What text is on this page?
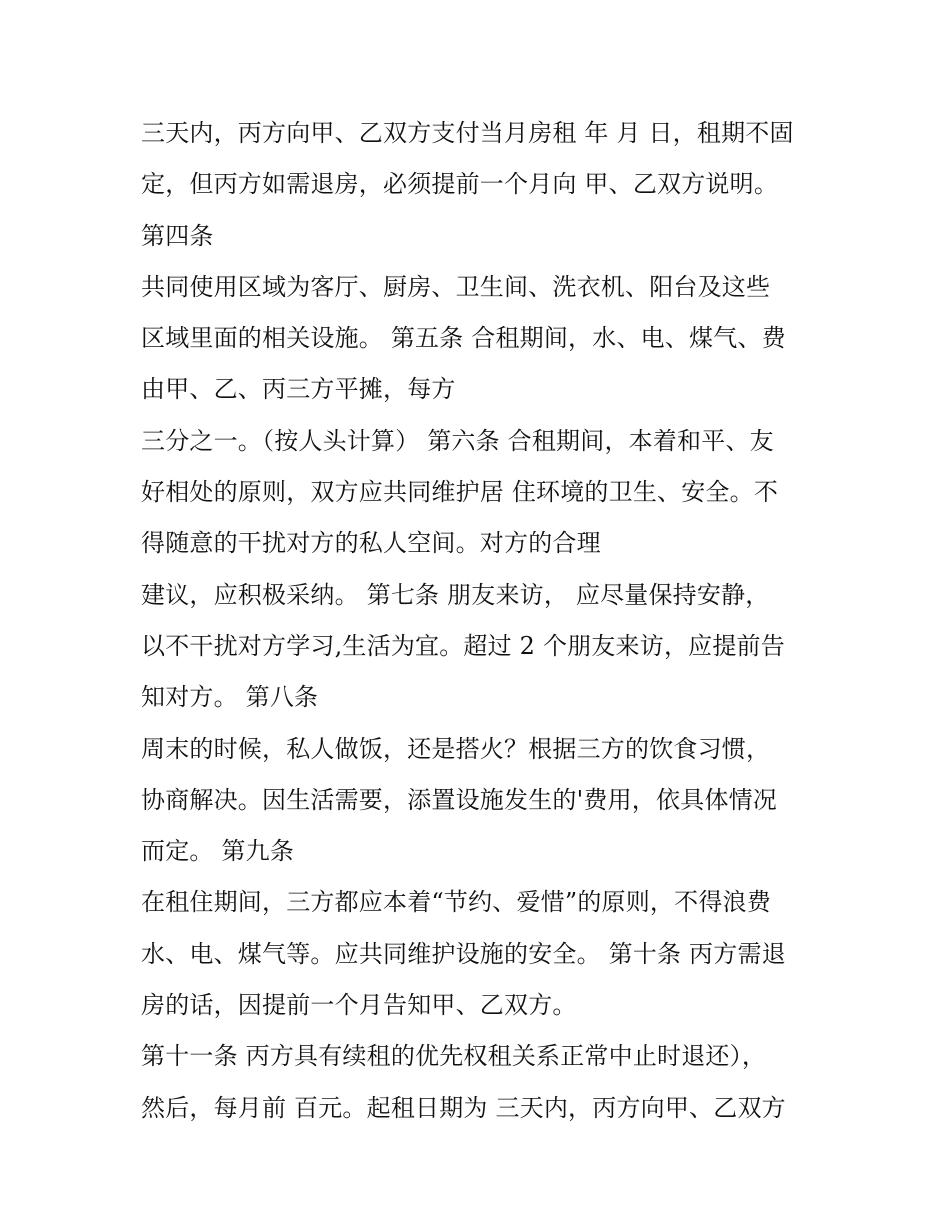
三天内，丙方向甲、乙双方支付当月房租 年 月 日，租期不固
定，但丙方如需退房，必须提前一个月向 甲、乙双方说明。
第四条
共同使用区域为客厅、厨房、卫生间、洗衣机、阳台及这些
区域里面的相关设施。 第五条 合租期间，水、电、煤气、费
由甲、乙、丙三方平摊，每方
三分之一。（按人头计算） 第六条 合租期间，本着和平、友
好相处的原则，双方应共同维护居 住环境的卫生、安全。不
得随意的干扰对方的私人空间。对方的合理
建议，应积极采纳。 第七条 朋友来访， 应尽量保持安静，
以不干扰对方学习,生活为宜。超过 2 个朋友来访，应提前告
知对方。 第八条
周末的时候，私人做饭，还是搭火？根据三方的饮食习惯，
协商解决。因生活需要，添置设施发生的'费用，依具体情况
而定。 第九条
在租住期间，三方都应本着“节约、爱惜”的原则，不得浪费
水、电、煤气等。应共同维护设施的安全。 第十条 丙方需退
房的话，因提前一个月告知甲、乙双方。
第十一条 丙方具有续租的优先权租关系正常中止时退还），
然后，每月前 百元。起租日期为 三天内，丙方向甲、乙双方
